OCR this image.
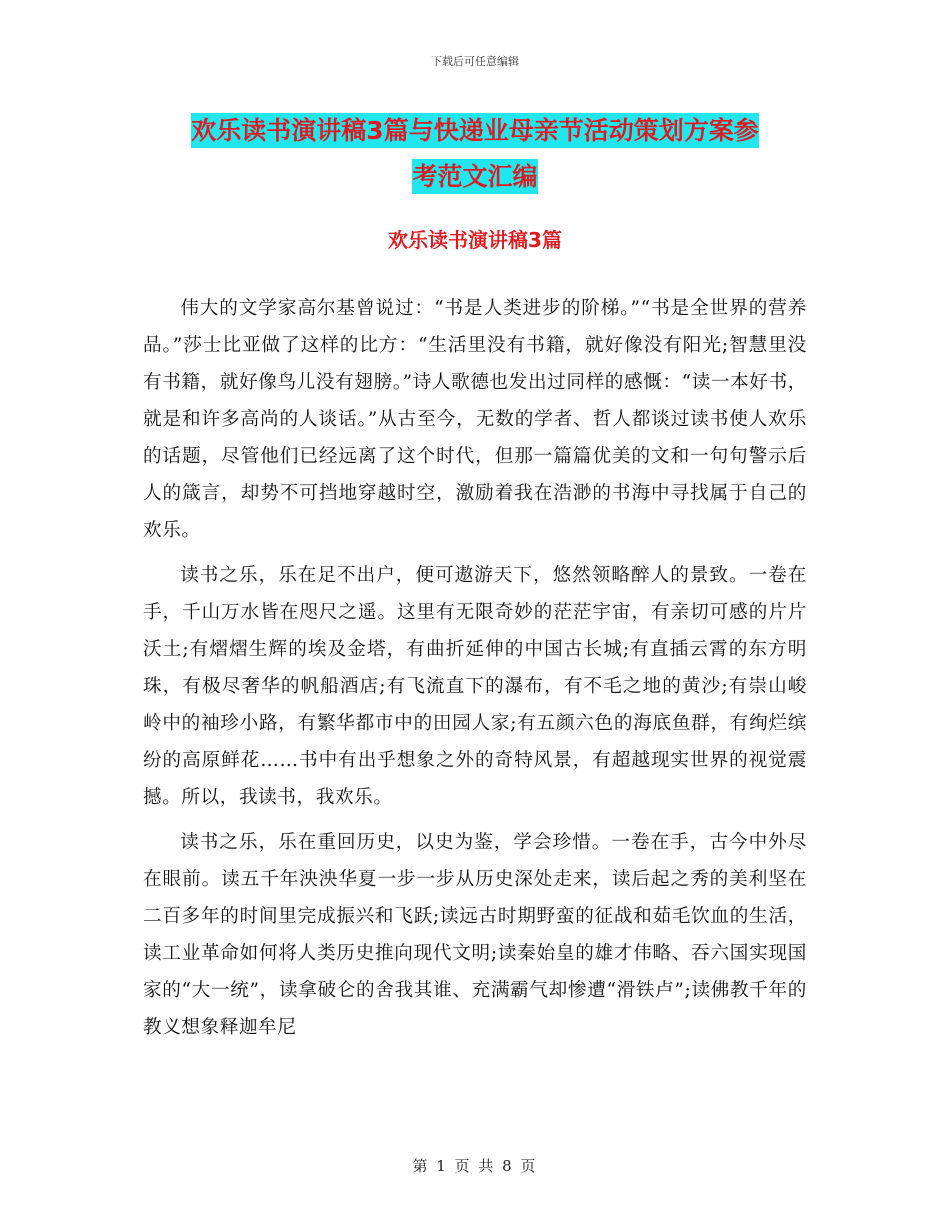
下载后可任意编辑
欢乐读书演讲稿3篇与快递业母亲节活动策划方案参
考范文汇编
欢乐读书演讲稿3篇

伟大的文学家高尔基曾说过：“书是人类进步的阶梯。”“书是全世界的营养品。”莎士比亚做了这样的比方：“生活里没有书籍，就好像没有阳光;智慧里没有书籍，就好像鸟儿没有翅膀。”诗人歌德也发出过同样的感慨：“读一本好书，就是和许多高尚的人谈话。”从古至今，无数的学者、哲人都谈过读书使人欢乐的话题，尽管他们已经远离了这个时代，但那一篇篇优美的文和一句句警示后人的箴言，却势不可挡地穿越时空，激励着我在浩渺的书海中寻找属于自己的欢乐。

读书之乐，乐在足不出户，便可遨游天下，悠然领略醉人的景致。一卷在手，千山万水皆在咫尺之遥。这里有无限奇妙的茫茫宇宙，有亲切可感的片片沃土;有熠熠生辉的埃及金塔，有曲折延伸的中国古长城;有直插云霄的东方明珠，有极尽奢华的帆船酒店;有飞流直下的瀑布，有不毛之地的黄沙;有崇山峻岭中的袖珍小路，有繁华都市中的田园人家;有五颜六色的海底鱼群，有绚烂缤纷的高原鲜花……书中有出乎想象之外的奇特风景，有超越现实世界的视觉震撼。所以，我读书，我欢乐。

读书之乐，乐在重回历史，以史为鉴，学会珍惜。一卷在手，古今中外尽在眼前。读五千年泱泱华夏一步一步从历史深处走来，读后起之秀的美利坚在二百多年的时间里完成振兴和飞跃;读远古时期野蛮的征战和茹毛饮血的生活，读工业革命如何将人类历史推向现代文明;读秦始皇的雄才伟略、吞六国实现国家的“大一统”，读拿破仑的舍我其谁、充满霸气却惨遭“滑铁卢”;读佛教千年的教义想象释迦牟尼

第 1 页 共 8 页
